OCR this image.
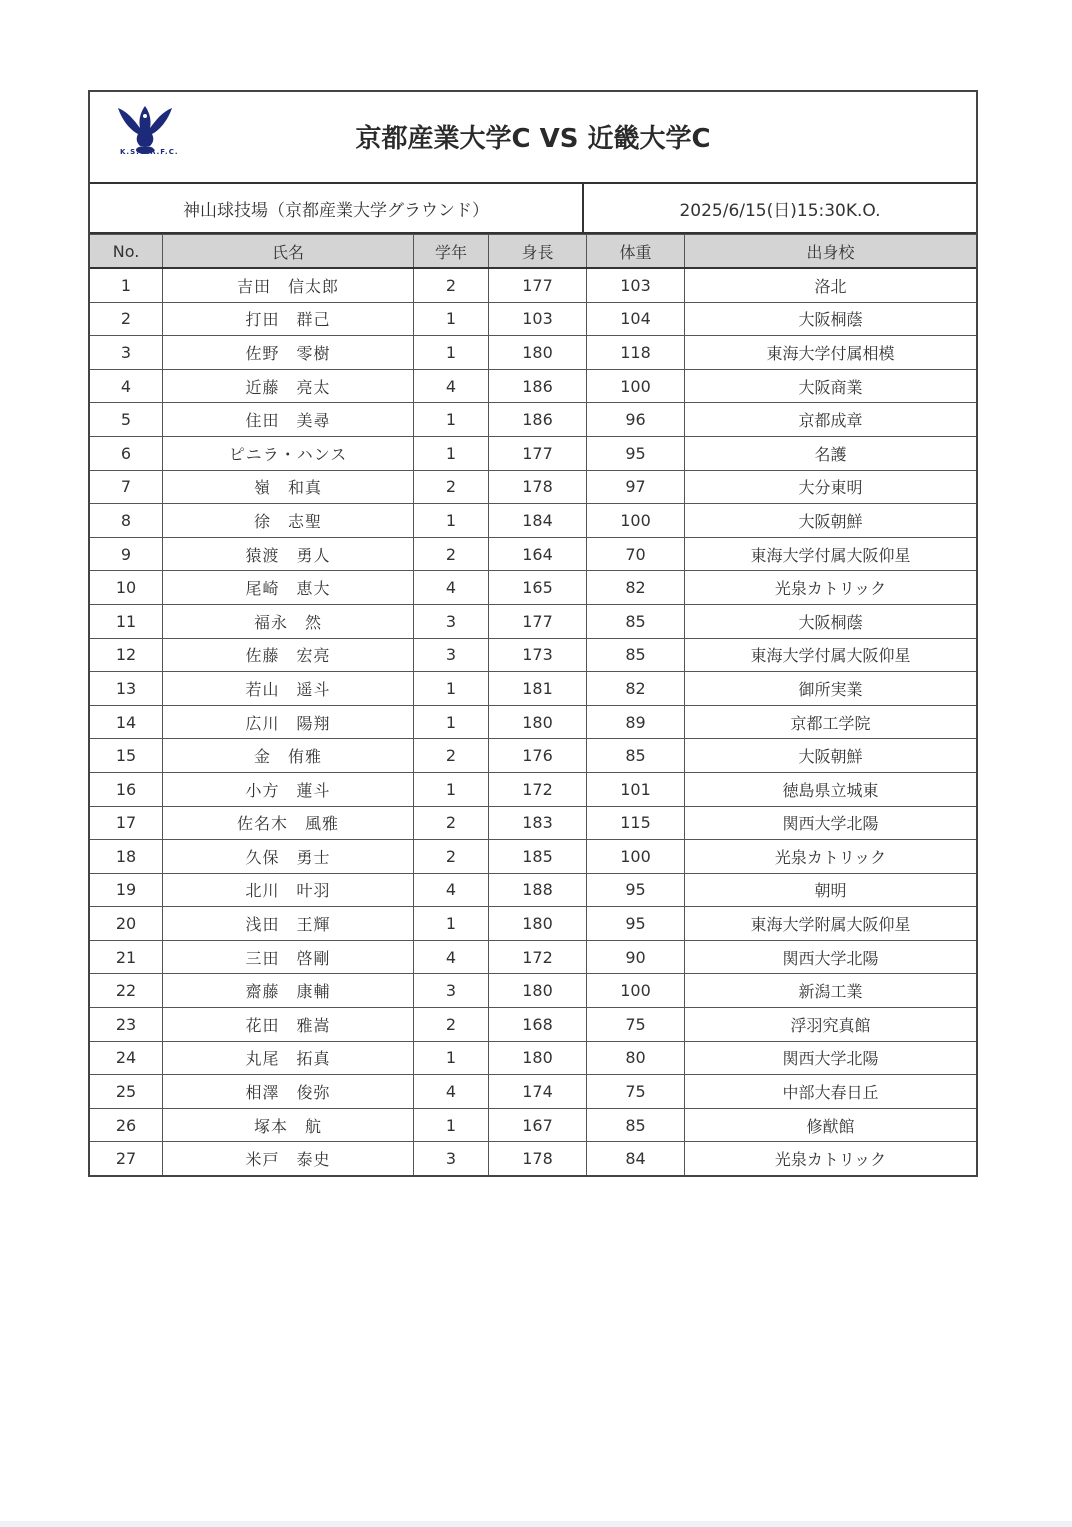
K.S.U.R.F.C.	京都産業大学C VS 近畿大学C
神山球技場（京都産業大学グラウンド）	2025/6/15(日)15:30K.O.
No.	氏名	学年	身長	体重	出身校
1	吉田　信太郎	2	177	103	洛北
2	打田　群己	1	103	104	大阪桐蔭
3	佐野　零樹	1	180	118	東海大学付属相模
4	近藤　亮太	4	186	100	大阪商業
5	住田　美尋	1	186	96	京都成章
6	ピニラ・ハンス	1	177	95	名護
7	嶺　和真	2	178	97	大分東明
8	徐　志聖	1	184	100	大阪朝鮮
9	猿渡　勇人	2	164	70	東海大学付属大阪仰星
10	尾崎　恵大	4	165	82	光泉カトリック
11	福永　然	3	177	85	大阪桐蔭
12	佐藤　宏亮	3	173	85	東海大学付属大阪仰星
13	若山　遥斗	1	181	82	御所実業
14	広川　陽翔	1	180	89	京都工学院
15	金　侑雅	2	176	85	大阪朝鮮
16	小方　蓮斗	1	172	101	徳島県立城東
17	佐名木　風雅	2	183	115	関西大学北陽
18	久保　勇士	2	185	100	光泉カトリック
19	北川　叶羽	4	188	95	朝明
20	浅田　王輝	1	180	95	東海大学附属大阪仰星
21	三田　啓剛	4	172	90	関西大学北陽
22	齋藤　康輔	3	180	100	新潟工業
23	花田　雅嵩	2	168	75	浮羽究真館
24	丸尾　拓真	1	180	80	関西大学北陽
25	相澤　俊弥	4	174	75	中部大春日丘
26	塚本　航	1	167	85	修猷館
27	米戸　泰史	3	178	84	光泉カトリック
